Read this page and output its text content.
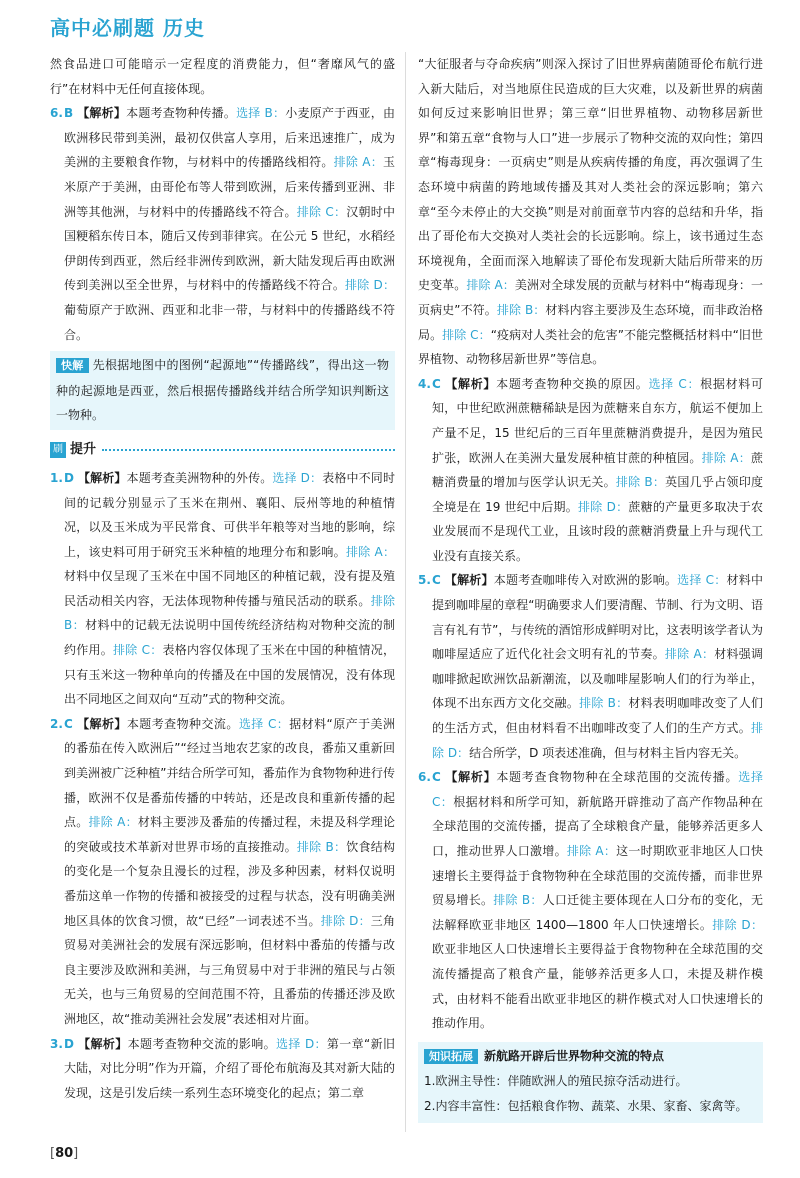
高中必刷题 历史

然食品进口可能暗示一定程度的消费能力，但“奢靡风气的盛行”在材料中无任何直接体现。

6.B 【解析】本题考查物种传播。选择 B：小麦原产于西亚，由欧洲移民带到美洲，最初仅供富人享用，后来迅速推广，成为美洲的主要粮食作物，与材料中的传播路线相符。排除 A：玉米原产于美洲，由哥伦布等人带到欧洲，后来传播到亚洲、非洲等其他洲，与材料中的传播路线不符合。排除 C：汉朝时中国粳稻东传日本，随后又传到菲律宾。在公元 5 世纪，水稻经伊朗传到西亚，然后经非洲传到欧洲，新大陆发现后再由欧洲传到美洲以至全世界，与材料中的传播路线不符合。排除 D：葡萄原产于欧洲、西亚和北非一带，与材料中的传播路线不符合。

快解 先根据地图中的图例“起源地”“传播路线”，得出这一物种的起源地是西亚，然后根据传播路线并结合所学知识判断这一物种。
刷 提升

1.D 【解析】本题考查美洲物种的外传。选择 D：表格中不同时间的记载分别显示了玉米在荆州、襄阳、辰州等地的种植情况，以及玉米成为平民常食、可供半年粮等对当地的影响，综上，该史料可用于研究玉米种植的地理分布和影响。排除 A：材料中仅呈现了玉米在中国不同地区的种植记载，没有提及殖民活动相关内容，无法体现物种传播与殖民活动的联系。排除 B：材料中的记载无法说明中国传统经济结构对物种交流的制约作用。排除 C：表格内容仅体现了玉米在中国的种植情况，只有玉米这一物种单向的传播及在中国的发展情况，没有体现出不同地区之间双向“互动”式的物种交流。

2.C 【解析】本题考查物种交流。选择 C：据材料“原产于美洲的番茄在传入欧洲后”“经过当地农艺家的改良，番茄又重新回到美洲被广泛种植”并结合所学可知，番茄作为食物物种进行传播，欧洲不仅是番茄传播的中转站，还是改良和重新传播的起点。排除 A：材料主要涉及番茄的传播过程，未提及科学理论的突破或技术革新对世界市场的直接推动。排除 B：饮食结构的变化是一个复杂且漫长的过程，涉及多种因素，材料仅说明番茄这单一作物的传播和被接受的过程与状态，没有明确美洲地区具体的饮食习惯，故“已经”一词表述不当。排除 D：三角贸易对美洲社会的发展有深远影响，但材料中番茄的传播与改良主要涉及欧洲和美洲，与三角贸易中对于非洲的殖民与占领无关，也与三角贸易的空间范围不符，且番茄的传播还涉及欧洲地区，故“推动美洲社会发展”表述相对片面。

3.D 【解析】本题考查物种交流的影响。选择 D：第一章“新旧大陆，对比分明”作为开篇，介绍了哥伦布航海及其对新大陆的发现，这是引发后续一系列生态环境变化的起点；第二章

“大征服者与夺命疾病”则深入探讨了旧世界病菌随哥伦布航行进入新大陆后，对当地原住民造成的巨大灾难，以及新世界的病菌如何反过来影响旧世界；第三章“旧世界植物、动物移居新世界”和第五章“食物与人口”进一步展示了物种交流的双向性；第四章“梅毒现身：一页病史”则是从疾病传播的角度，再次强调了生态环境中病菌的跨地域传播及其对人类社会的深远影响；第六章“至今未停止的大交换”则是对前面章节内容的总结和升华，指出了哥伦布大交换对人类社会的长远影响。综上，该书通过生态环境视角，全面而深入地解读了哥伦布发现新大陆后所带来的历史变革。排除 A：美洲对全球发展的贡献与材料中“梅毒现身：一页病史”不符。排除 B：材料内容主要涉及生态环境，而非政治格局。排除 C：“疫病对人类社会的危害”不能完整概括材料中“旧世界植物、动物移居新世界”等信息。

4.C 【解析】本题考查物种交换的原因。选择 C：根据材料可知，中世纪欧洲蔗糖稀缺是因为蔗糖来自东方，航运不便加上产量不足，15 世纪后的三百年里蔗糖消费提升，是因为殖民扩张，欧洲人在美洲大量发展种植甘蔗的种植园。排除 A：蔗糖消费量的增加与医学认识无关。排除 B：英国几乎占领印度全境是在 19 世纪中后期。排除 D：蔗糖的产量更多取决于农业发展而不是现代工业，且该时段的蔗糖消费量上升与现代工业没有直接关系。

5.C 【解析】本题考查咖啡传入对欧洲的影响。选择 C：材料中提到咖啡屋的章程“明确要求人们要清醒、节制、行为文明、语言有礼有节”，与传统的酒馆形成鲜明对比，这表明该学者认为咖啡屋适应了近代化社会文明有礼的节奏。排除 A：材料强调咖啡掀起欧洲饮品新潮流，以及咖啡屋影响人们的行为举止，体现不出东西方文化交融。排除 B：材料表明咖啡改变了人们的生活方式，但由材料看不出咖啡改变了人们的生产方式。排除 D：结合所学，D 项表述准确，但与材料主旨内容无关。

6.C 【解析】本题考查食物物种在全球范围的交流传播。选择 C：根据材料和所学可知，新航路开辟推动了高产作物品种在全球范围的交流传播，提高了全球粮食产量，能够养活更多人口，推动世界人口激增。排除 A：这一时期欧亚非地区人口快速增长主要得益于食物物种在全球范围的交流传播，而非世界贸易增长。排除 B：人口迁徙主要体现在人口分布的变化，无法解释欧亚非地区 1400—1800 年人口快速增长。排除 D：欧亚非地区人口快速增长主要得益于食物物种在全球范围的交流传播提高了粮食产量，能够养活更多人口，未提及耕作模式，由材料不能看出欧亚非地区的耕作模式对人口快速增长的推动作用。

知识拓展 新航路开辟后世界物种交流的特点

1.欧洲主导性：伴随欧洲人的殖民掠夺活动进行。

2.内容丰富性：包括粮食作物、蔬菜、水果、家畜、家禽等。

[80]
